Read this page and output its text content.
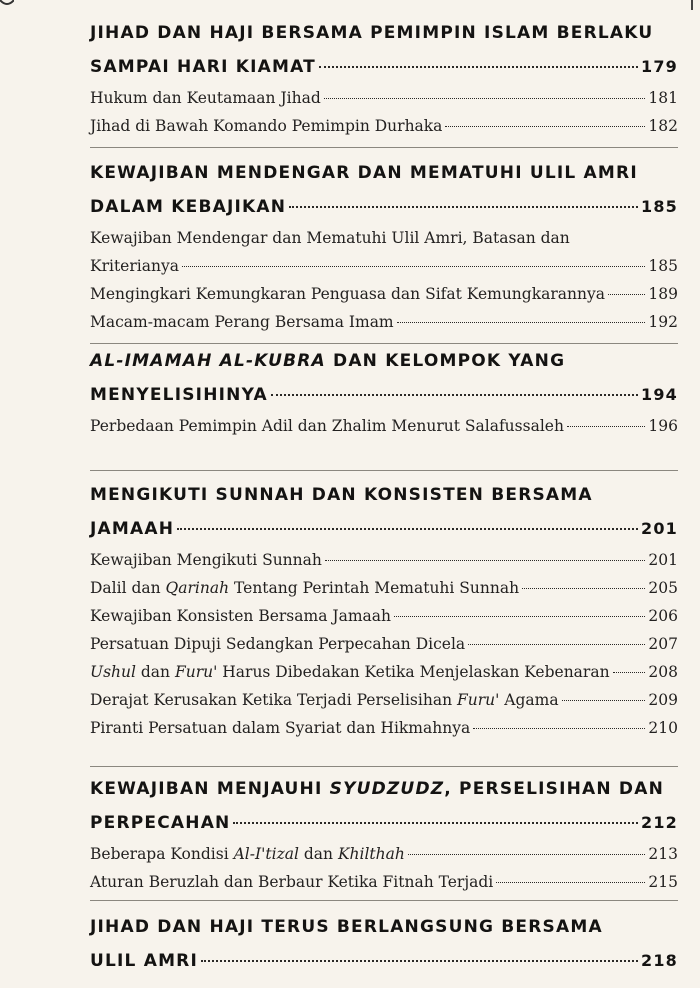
JIHAD DAN HAJI BERSAMA PEMIMPIN ISLAM BERLAKU
SAMPAI HARI KIAMAT	179
Hukum dan Keutamaan Jihad	181
Jihad di Bawah Komando Pemimpin Durhaka	182
KEWAJIBAN MENDENGAR DAN MEMATUHI ULIL AMRI
DALAM KEBAJIKAN	185
Kewajiban Mendengar dan Mematuhi Ulil Amri, Batasan dan
Kriterianya	185
Mengingkari Kemungkaran Penguasa dan Sifat Kemungkarannya	189
Macam-macam Perang Bersama Imam	192
AL-IMAMAH AL-KUBRA DAN KELOMPOK YANG
MENYELISIHINYA	194
Perbedaan Pemimpin Adil dan Zhalim Menurut Salafussaleh	196
MENGIKUTI SUNNAH DAN KONSISTEN BERSAMA
JAMAAH	201
Kewajiban Mengikuti Sunnah	201
Dalil dan Qarinah Tentang Perintah Mematuhi Sunnah	205
Kewajiban Konsisten Bersama Jamaah	206
Persatuan Dipuji Sedangkan Perpecahan Dicela	207
Ushul dan Furu' Harus Dibedakan Ketika Menjelaskan Kebenaran	208
Derajat Kerusakan Ketika Terjadi Perselisihan Furu' Agama	209
Piranti Persatuan dalam Syariat dan Hikmahnya	210
KEWAJIBAN MENJAUHI SYUDZUDZ, PERSELISIHAN DAN
PERPECAHAN	212
Beberapa Kondisi Al-I'tizal dan Khilthah	213
Aturan Beruzlah dan Berbaur Ketika Fitnah Terjadi	215
JIHAD DAN HAJI TERUS BERLANGSUNG BERSAMA
ULIL AMRI	218
